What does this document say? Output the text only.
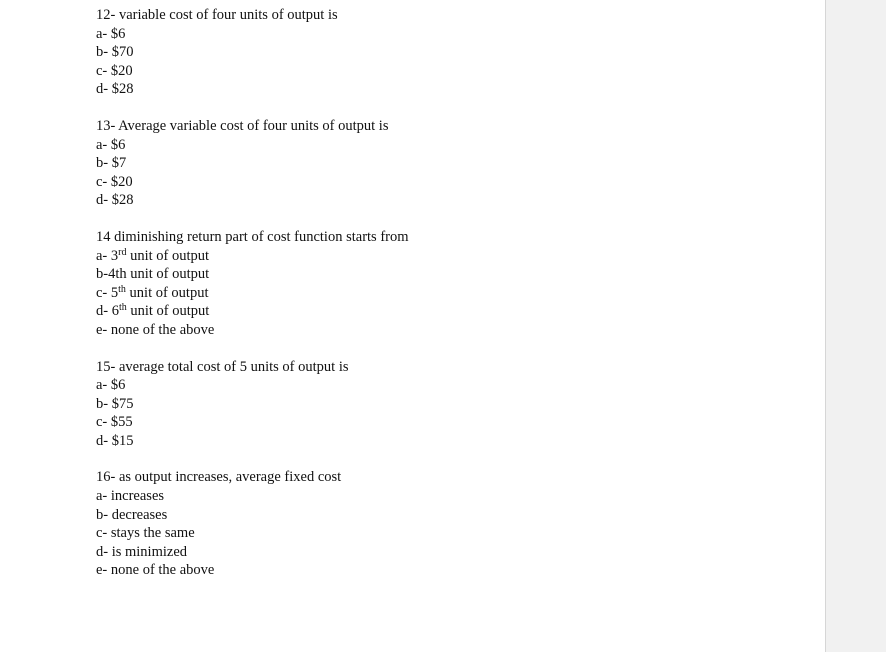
12- variable cost of four units of output is
a- $6
b- $70
c- $20
d- $28
13- Average variable cost of four units of output is
a- $6
b- $7
c- $20
d- $28
14 diminishing return part of cost function starts from
a- 3rd unit of output
b-4th unit of output
c- 5th unit of output
d- 6th unit of output
e- none of the above
15- average total cost of 5 units of output is
a- $6
b- $75
c- $55
d- $15
16- as output increases, average fixed cost
a- increases
b- decreases
c- stays the same
d- is minimized
e- none of the above
